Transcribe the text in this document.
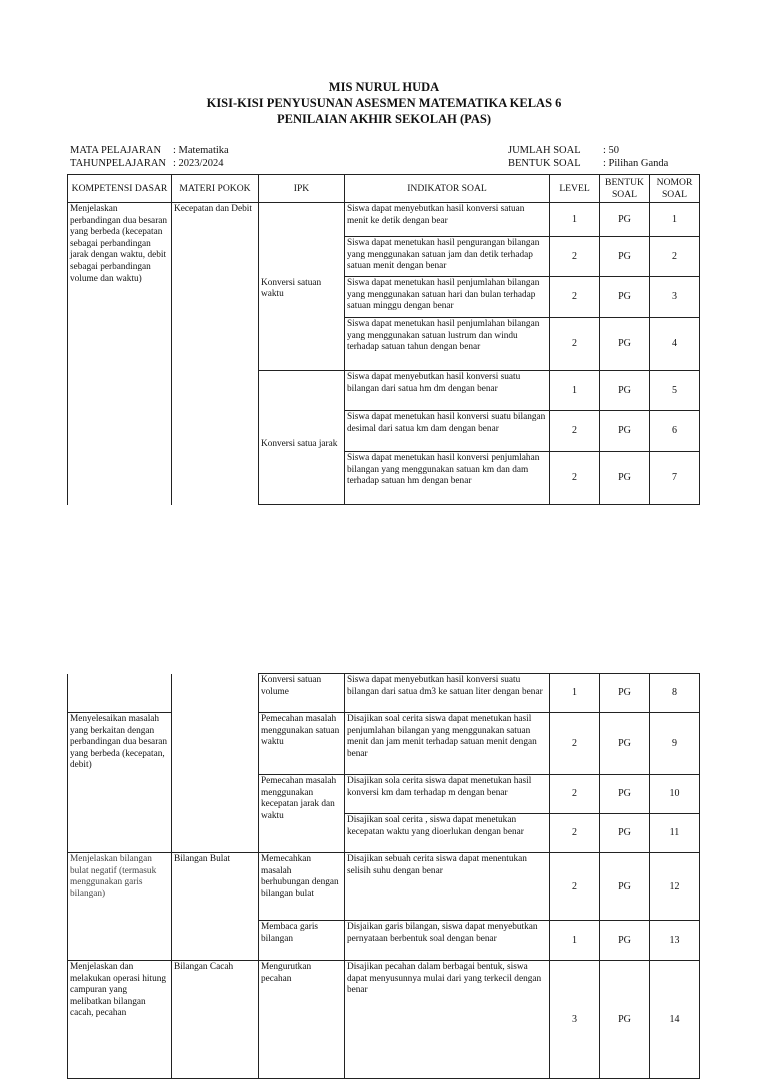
MIS NURUL HUDA
KISI-KISI PENYUSUNAN ASESMEN MATEMATIKA KELAS 6
PENILAIAN AKHIR SEKOLAH (PAS)
MATA PELAJARAN : Matematika
TAHUNPELAJARAN : 2023/2024
JUMLAH SOAL : 50
BENTUK SOAL : Pilihan Ganda
KOMPETENSI DASAR	MATERI POKOK	IPK	INDIKATOR SOAL	LEVEL	BENTUK SOAL	NOMOR SOAL
Menjelaskan perbandingan dua besaran yang berbeda (kecepatan sebagai perbandingan jarak dengan waktu, debit sebagai perbandingan volume dan waktu)	Kecepatan dan Debit		Siswa dapat menyebutkan hasil konversi satuan menit ke detik dengan bear	1	PG	1
			Siswa dapat menetukan hasil pengurangan bilangan yang menggunakan satuan jam dan detik terhadap satuan menit dengan benar	2	PG	2
		Konversi satuan waktu	Siswa dapat menetukan hasil penjumlahan bilangan yang menggunakan satuan hari dan bulan terhadap satuan minggu dengan benar	2	PG	3
			Siswa dapat menetukan hasil penjumlahan bilangan yang menggunakan satuan lustrum dan windu terhadap satuan tahun dengan benar	2	PG	4
			Siswa dapat menyebutkan hasil konversi suatu bilangan dari satua hm dm dengan benar	1	PG	5
		Konversi satua jarak	Siswa dapat menetukan hasil konversi suatu bilangan desimal dari satua km dam dengan benar	2	PG	6
			Siswa dapat menetukan hasil konversi penjumlahan bilangan yang menggunakan satuan km dan dam terhadap satuan hm dengan benar	2	PG	7
		Konversi satuan volume	Siswa dapat menyebutkan hasil konversi suatu bilangan dari satua dm3 ke satuan liter dengan benar	1	PG	8
Menyelesaikan masalah yang berkaitan dengan perbandingan dua besaran yang berbeda (kecepatan, debit)		Pemecahan masalah menggunakan satuan waktu	Disajikan soal cerita siswa dapat menetukan hasil penjumlahan bilangan yang menggunakan satuan menit dan jam menit terhadap satuan menit dengan benar	2	PG	9
		Pemecahan masalah menggunakan kecepatan jarak dan waktu	Disajikan sola cerita siswa dapat menetukan hasil konversi km dam terhadap m dengan benar	2	PG	10
			Disajikan soal cerita , siswa dapat menetukan kecepatan waktu yang dioerlukan dengan benar	2	PG	11
Menjelaskan bilangan bulat negatif (termasuk menggunakan garis bilangan)	Bilangan Bulat	Memecahkan masalah berhubungan dengan bilangan bulat	Disajikan sebuah cerita siswa dapat menentukan selisih suhu dengan benar	2	PG	12
		Membaca garis bilangan	Disjaikan garis bilangan, siswa dapat menyebutkan pernyataan berbentuk soal dengan benar	1	PG	13
Menjelaskan dan melakukan operasi hitung campuran yang melibatkan bilangan cacah, pecahan	Bilangan Cacah	Mengurutkan pecahan	Disajikan pecahan dalam berbagai bentuk, siswa dapat menyusunnya mulai dari yang terkecil dengan benar	3	PG	14
